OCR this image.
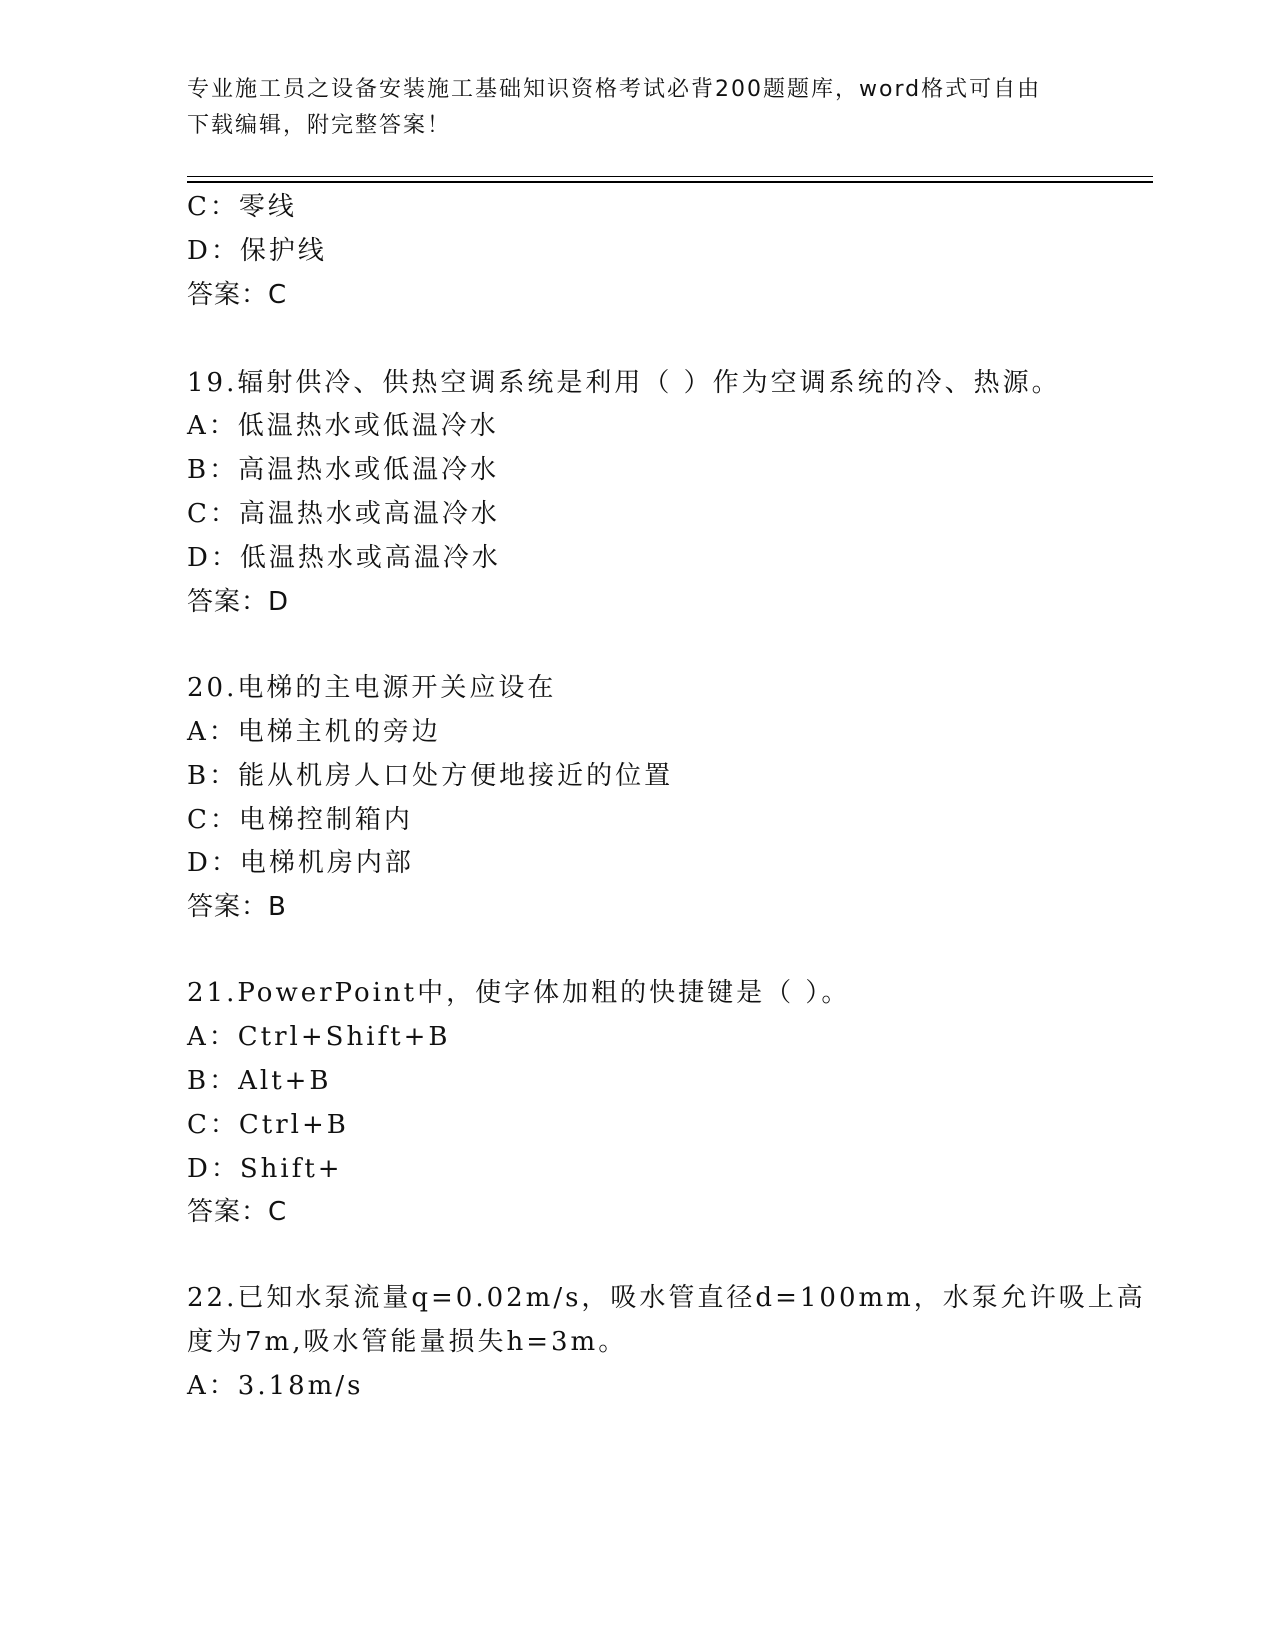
专业施工员之设备安装施工基础知识资格考试必背200题题库，word格式可自由
下载编辑，附完整答案！
C：零线
D：保护线
答案：C
19.辐射供冷、供热空调系统是利用（ ）作为空调系统的冷、热源。
A：低温热水或低温冷水
B：高温热水或低温冷水
C：高温热水或高温冷水
D：低温热水或高温冷水
答案：D
20.电梯的主电源开关应设在
A：电梯主机的旁边
B：能从机房人口处方便地接近的位置
C：电梯控制箱内
D：电梯机房内部
答案：B
21.PowerPoint中，使字体加粗的快捷键是（ ）。
A：Ctrl+Shift+B
B：Alt+B
C：Ctrl+B
D：Shift+
答案：C
22.已知水泵流量q=0.02m/s，吸水管直径d=100mm，水泵允许吸上高
度为7m,吸水管能量损失h=3m。
A：3.18m/s
